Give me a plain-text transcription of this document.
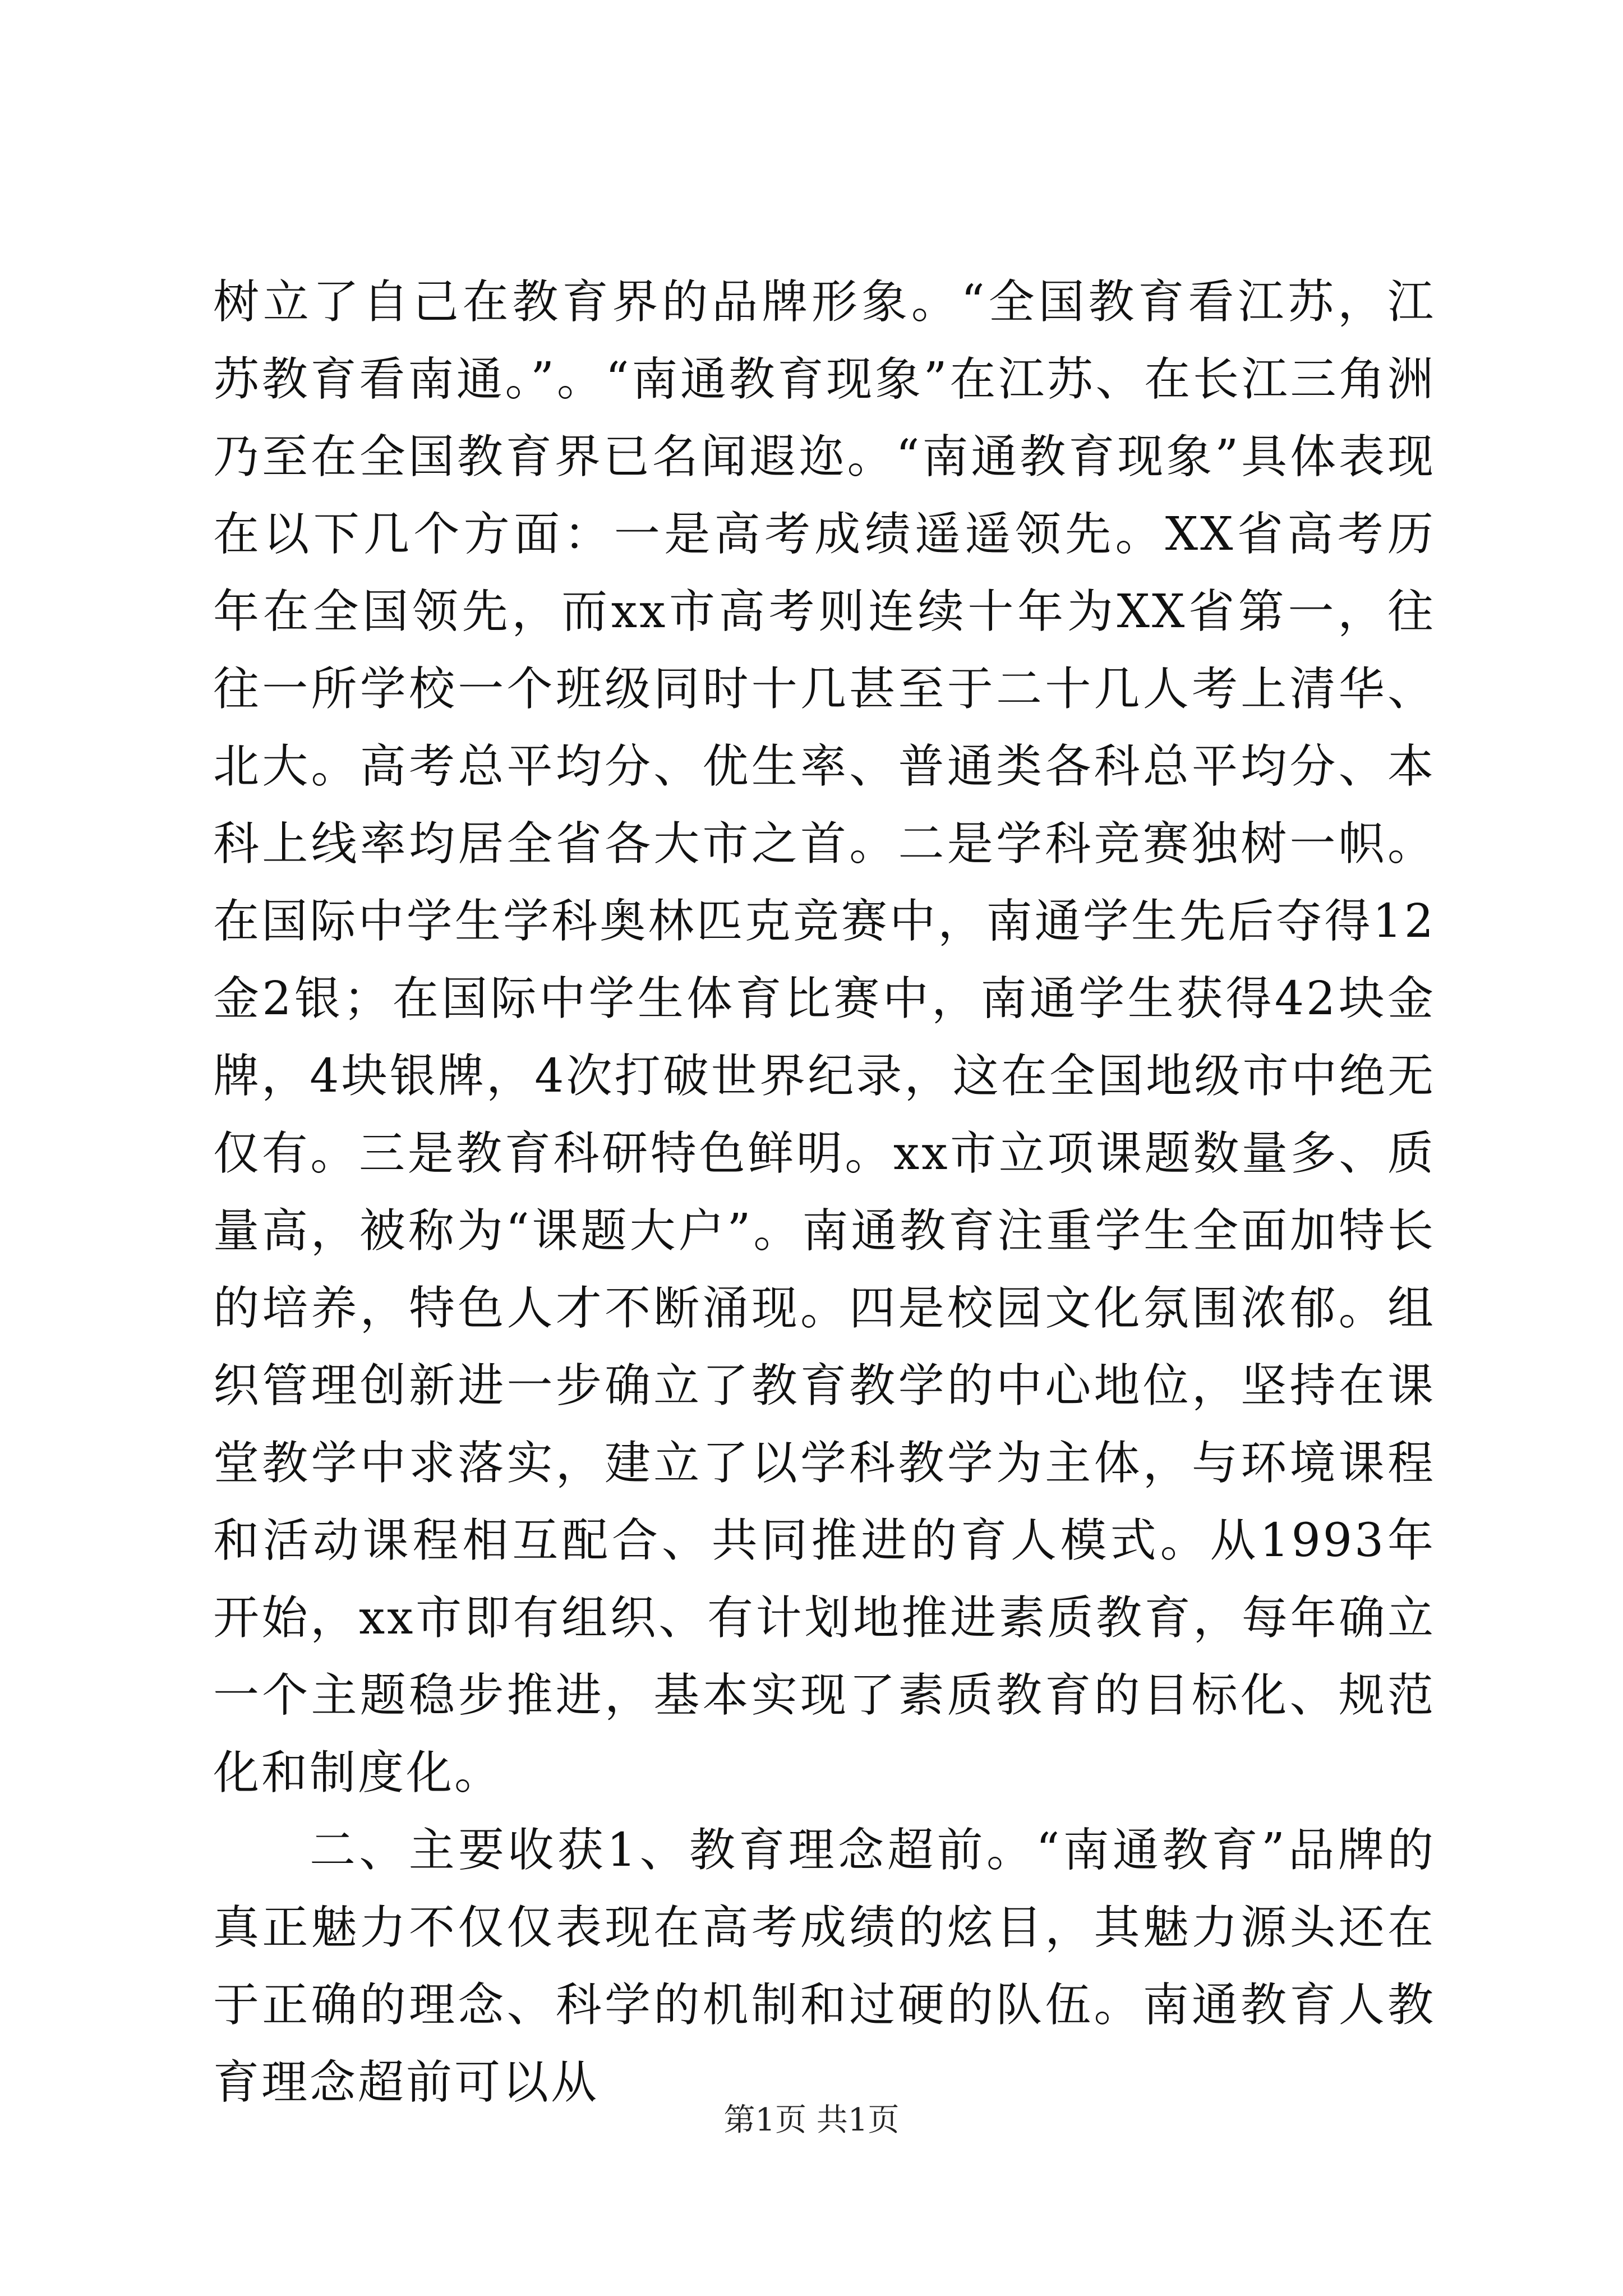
树立了自己在教育界的品牌形象。“全国教育看江苏，江苏教育看南通。”。“南通教育现象”在江苏、在长江三角洲乃至在全国教育界已名闻遐迩。“南通教育现象”具体表现在以下几个方面：一是高考成绩遥遥领先。XX省高考历年在全国领先，而xx市高考则连续十年为XX省第一，往往一所学校一个班级同时十几甚至于二十几人考上清华、北大。高考总平均分、优生率、普通类各科总平均分、本科上线率均居全省各大市之首。二是学科竞赛独树一帜。在国际中学生学科奥林匹克竞赛中，南通学生先后夺得12金2银；在国际中学生体育比赛中，南通学生获得42块金牌，4块银牌，4次打破世界纪录，这在全国地级市中绝无仅有。三是教育科研特色鲜明。xx市立项课题数量多、质量高，被称为“课题大户”。南通教育注重学生全面加特长的培养，特色人才不断涌现。四是校园文化氛围浓郁。组织管理创新进一步确立了教育教学的中心地位，坚持在课堂教学中求落实，建立了以学科教学为主体，与环境课程和活动课程相互配合、共同推进的育人模式。从1993年开始，xx市即有组织、有计划地推进素质教育，每年确立一个主题稳步推进，基本实现了素质教育的目标化、规范化和制度化。

二、主要收获1、教育理念超前。“南通教育”品牌的真正魅力不仅仅表现在高考成绩的炫目，其魅力源头还在于正确的理念、科学的机制和过硬的队伍。南通教育人教育理念超前可以从

第1页 共1页
